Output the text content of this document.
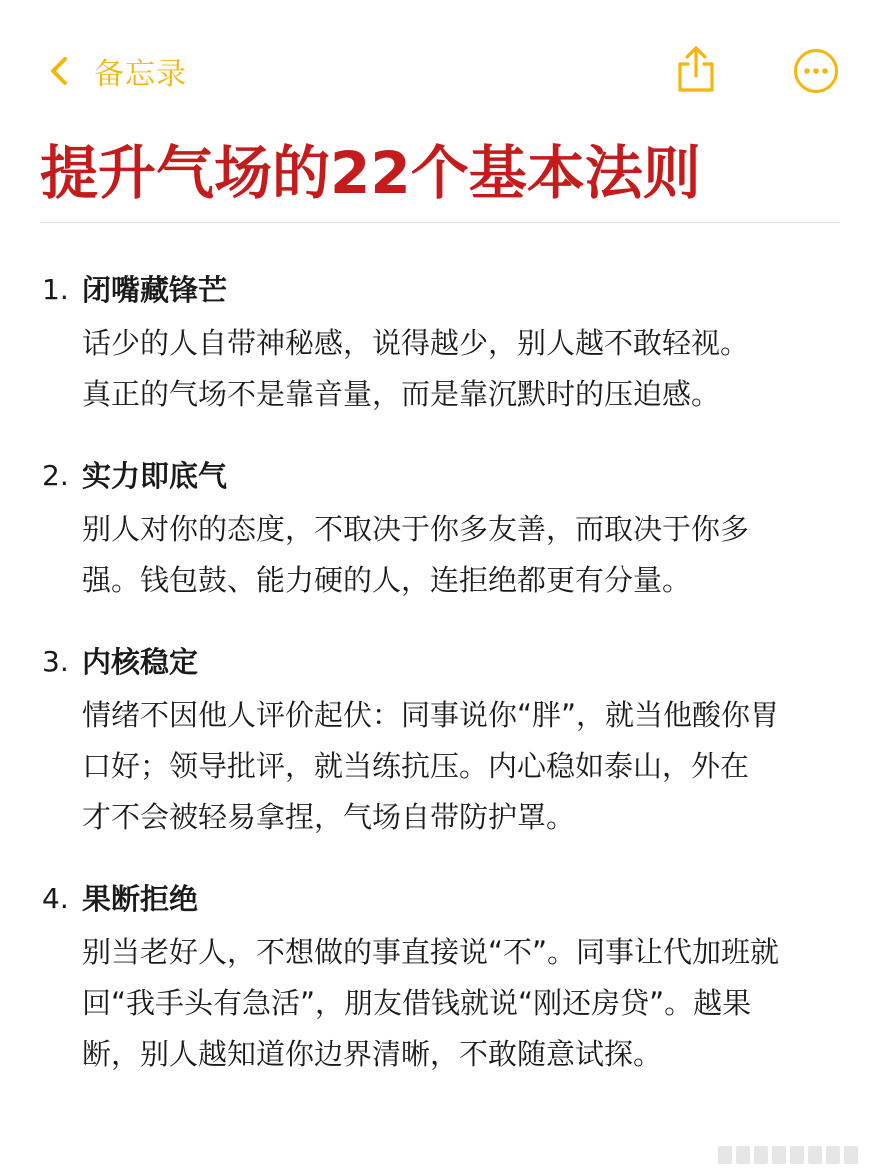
备忘录
提升气场的22个基本法则
1. 闭嘴藏锋芒
话少的人自带神秘感，说得越少，别人越不敢轻视。
真正的气场不是靠音量，而是靠沉默时的压迫感。
2. 实力即底气
别人对你的态度，不取决于你多友善，而取决于你多
强。钱包鼓、能力硬的人，连拒绝都更有分量。
3. 内核稳定
情绪不因他人评价起伏：同事说你“胖”，就当他酸你胃
口好；领导批评，就当练抗压。内心稳如泰山，外在
才不会被轻易拿捏，气场自带防护罩。
4. 果断拒绝
别当老好人，不想做的事直接说“不”。同事让代加班就
回“我手头有急活”，朋友借钱就说“刚还房贷”。越果
断，别人越知道你边界清晰，不敢随意试探。
